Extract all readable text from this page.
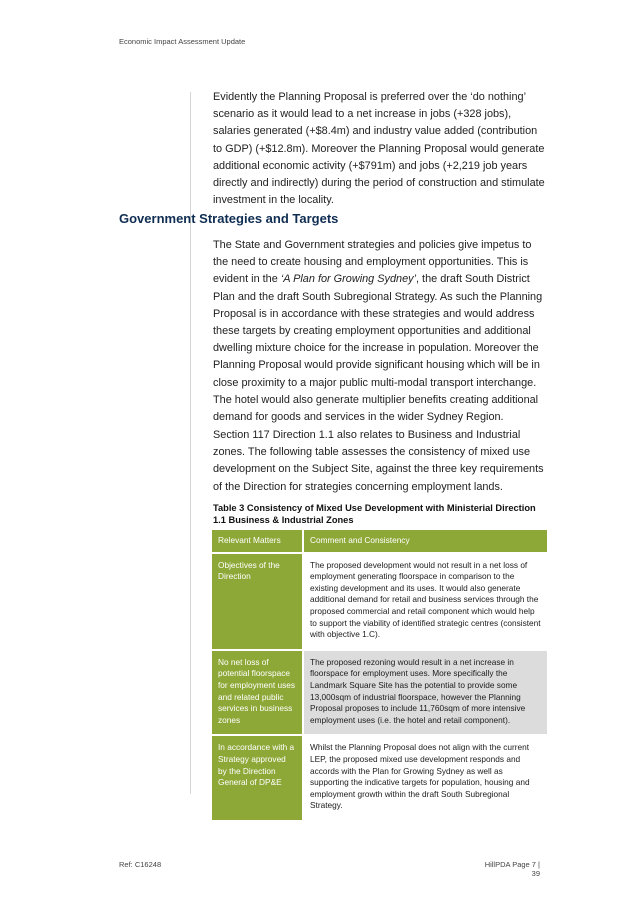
Economic Impact Assessment Update
Evidently the Planning Proposal is preferred over the ‘do nothing’ scenario as it would lead to a net increase in jobs (+328 jobs), salaries generated (+$8.4m) and industry value added (contribution to GDP) (+$12.8m). Moreover the Planning Proposal would generate additional economic activity (+$791m) and jobs (+2,219 job years directly and indirectly) during the period of construction and stimulate investment in the locality.
Government Strategies and Targets
The State and Government strategies and policies give impetus to the need to create housing and employment opportunities. This is evident in the ‘A Plan for Growing Sydney’, the draft South District Plan and the draft South Subregional Strategy. As such the Planning Proposal is in accordance with these strategies and would address these targets by creating employment opportunities and additional dwelling mixture choice for the increase in population. Moreover the Planning Proposal would provide significant housing which will be in close proximity to a major public multi-modal transport interchange. The hotel would also generate multiplier benefits creating additional demand for goods and services in the wider Sydney Region.
Section 117 Direction 1.1 also relates to Business and Industrial zones. The following table assesses the consistency of mixed use development on the Subject Site, against the three key requirements of the Direction for strategies concerning employment lands.
Table 3 Consistency of Mixed Use Development with Ministerial Direction 1.1 Business & Industrial Zones
Relevant Matters	Comment and Consistency
Objectives of the Direction	The proposed development would not result in a net loss of employment generating floorspace in comparison to the existing development and its uses. It would also generate additional demand for retail and business services through the proposed commercial and retail component which would help to support the viability of identified strategic centres (consistent with objective 1.C).
No net loss of potential floorspace for employment uses and related public services in business zones	The proposed rezoning would result in a net increase in floorspace for employment uses. More specifically the Landmark Square Site has the potential to provide some 13,000sqm of industrial floorspace, however the Planning Proposal proposes to include 11,760sqm of more intensive employment uses (i.e. the hotel and retail component).
In accordance with a Strategy approved by the Direction General of DP&E	Whilst the Planning Proposal does not align with the current LEP, the proposed mixed use development responds and accords with the Plan for Growing Sydney as well as supporting the indicative targets for population, housing and employment growth within the draft South Subregional Strategy.
Ref: C16248	HillPDA Page 7 | 39
